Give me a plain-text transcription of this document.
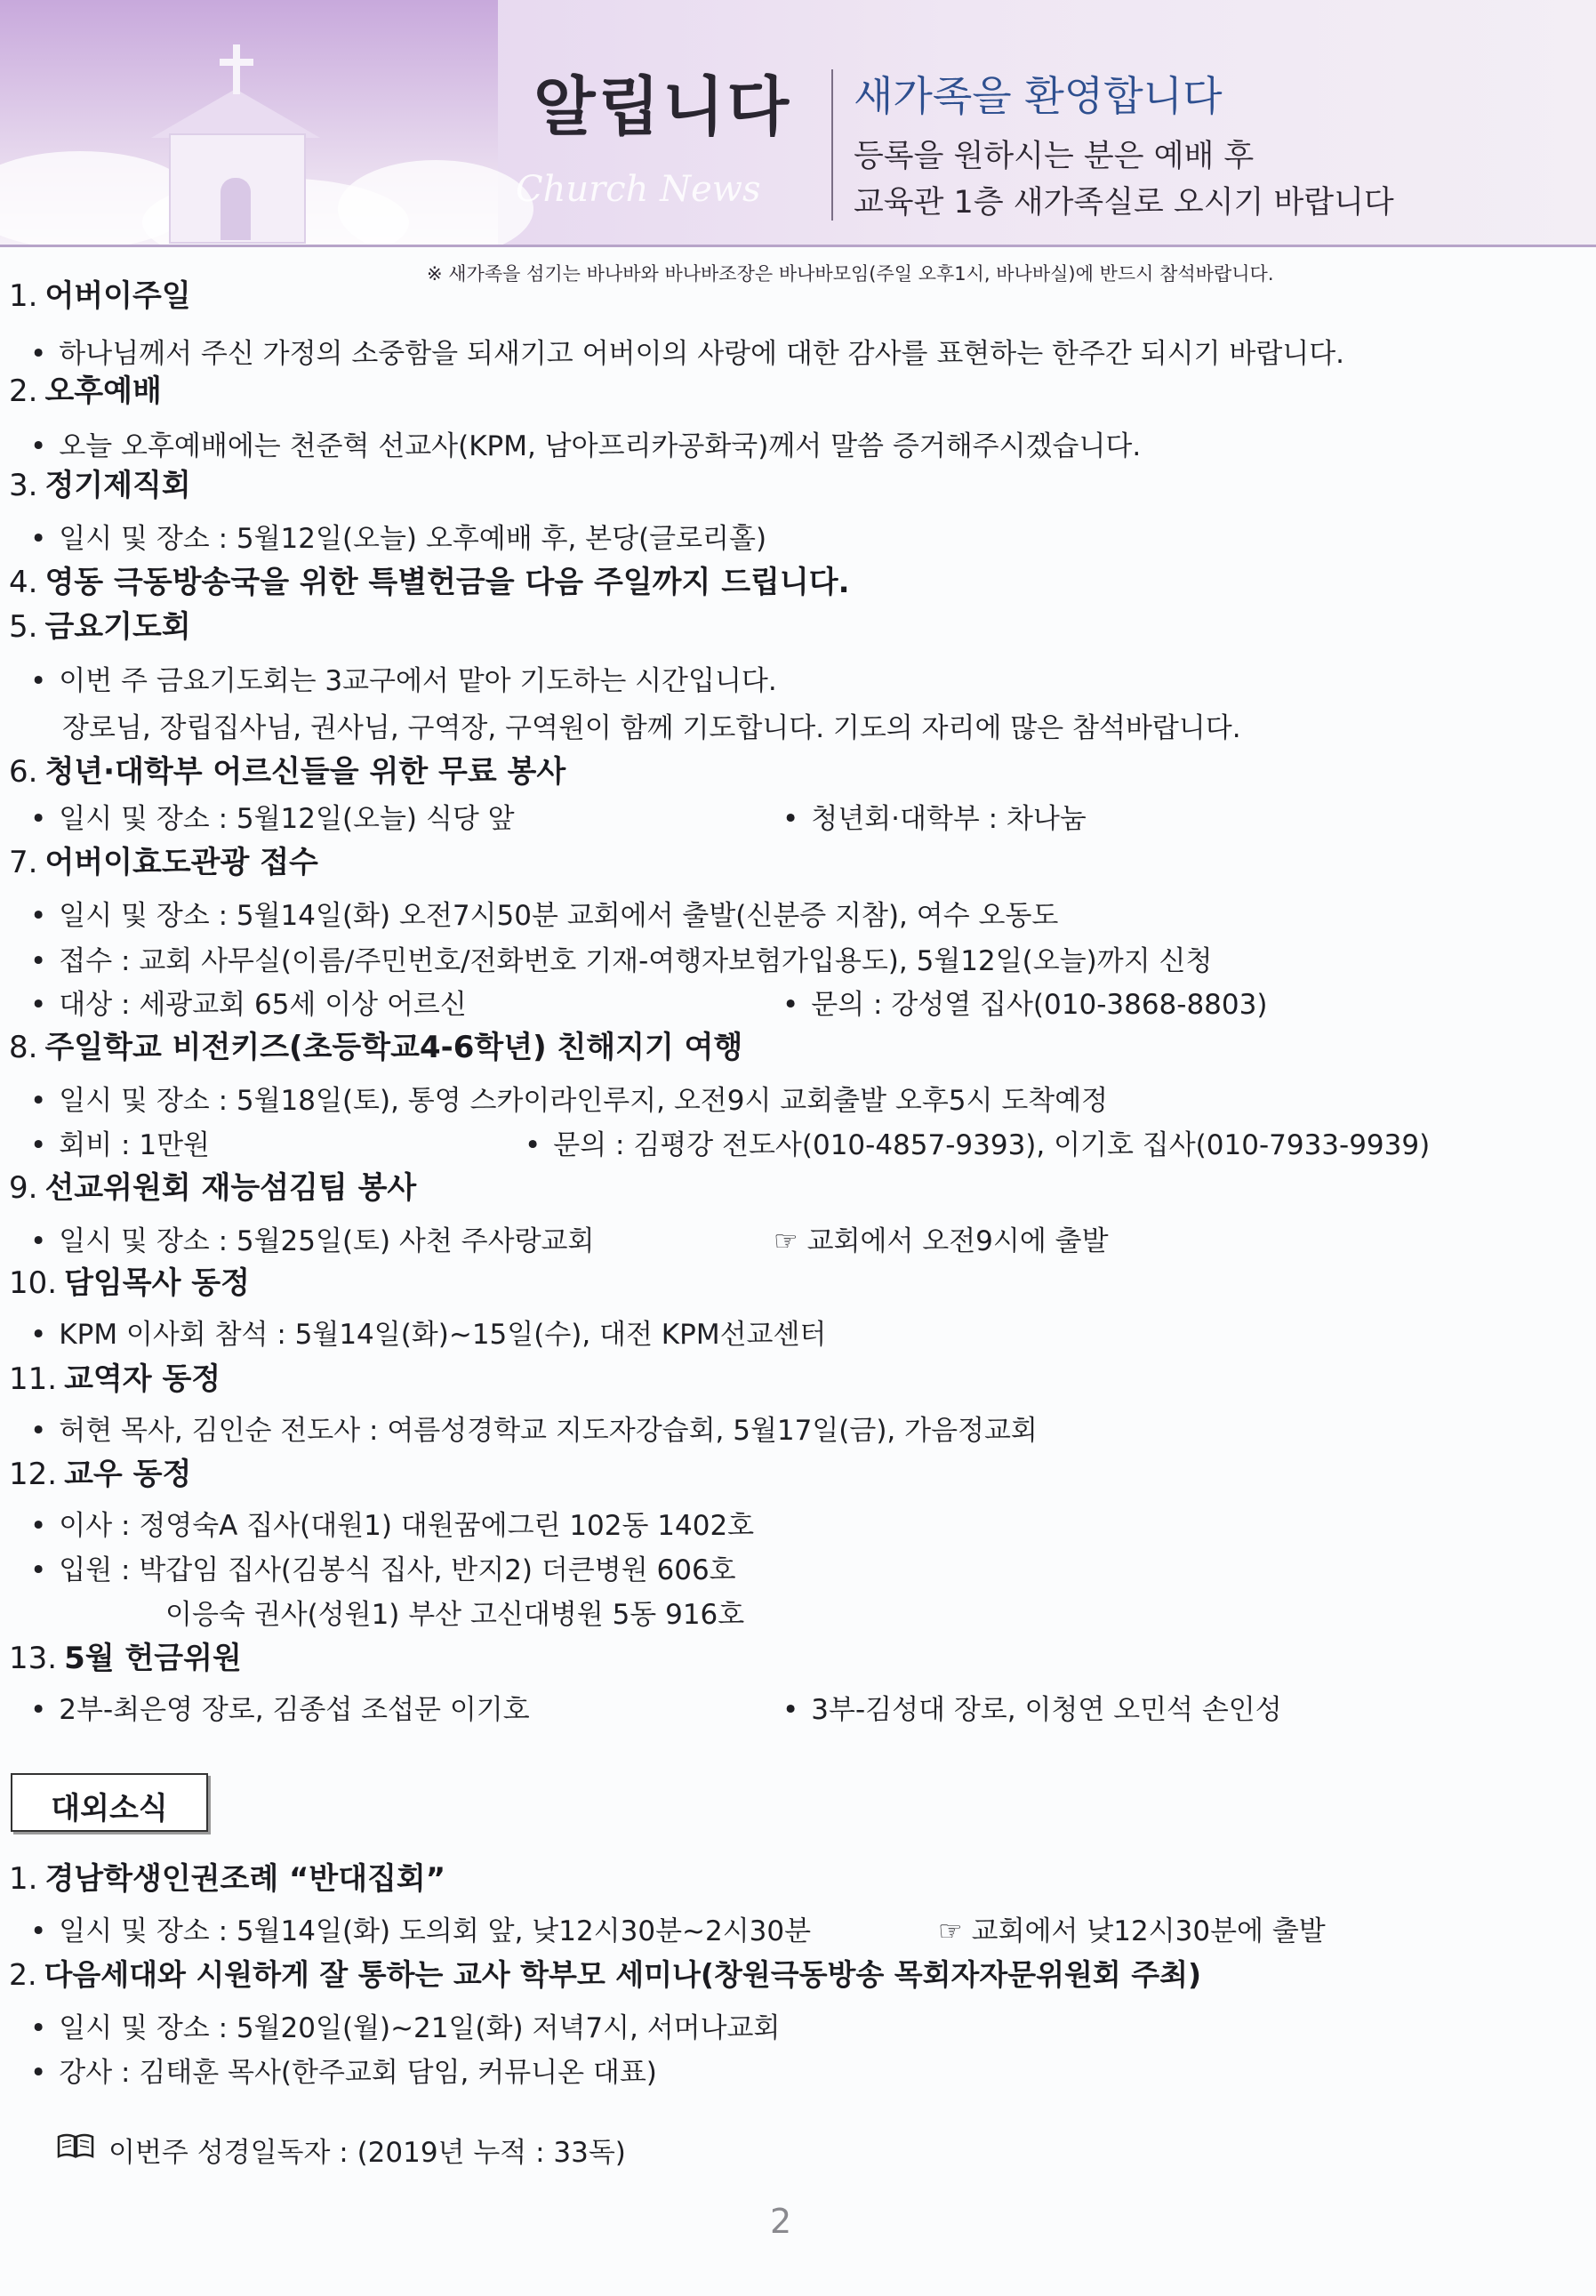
알립니다
Church News
새가족을 환영합니다
등록을 원하시는 분은 예배 후
교육관 1층 새가족실로 오시기 바랍니다
※ 새가족을 섬기는 바나바와 바나바조장은 바나바모임(주일 오후1시, 바나바실)에 반드시 참석바랍니다.
1. 어버이주일
• 하나님께서 주신 가정의 소중함을 되새기고 어버이의 사랑에 대한 감사를 표현하는 한주간 되시기 바랍니다.
2. 오후예배
• 오늘 오후예배에는 천준혁 선교사(KPM, 남아프리카공화국)께서 말씀 증거해주시겠습니다.
3. 정기제직회
• 일시 및 장소 : 5월12일(오늘) 오후예배 후, 본당(글로리홀)
4. 영동 극동방송국을 위한 특별헌금을 다음 주일까지 드립니다.
5. 금요기도회
• 이번 주 금요기도회는 3교구에서 맡아 기도하는 시간입니다.
장로님, 장립집사님, 권사님, 구역장, 구역원이 함께 기도합니다. 기도의 자리에 많은 참석바랍니다.
6. 청년·대학부 어르신들을 위한 무료 봉사
• 일시 및 장소 : 5월12일(오늘) 식당 앞	• 청년회·대학부 : 차나눔
7. 어버이효도관광 접수
• 일시 및 장소 : 5월14일(화) 오전7시50분 교회에서 출발(신분증 지참), 여수 오동도
• 접수 : 교회 사무실(이름/주민번호/전화번호 기재-여행자보험가입용도), 5월12일(오늘)까지 신청
• 대상 : 세광교회 65세 이상 어르신	• 문의 : 강성열 집사(010-3868-8803)
8. 주일학교 비전키즈(초등학교4-6학년) 친해지기 여행
• 일시 및 장소 : 5월18일(토), 통영 스카이라인루지, 오전9시 교회출발 오후5시 도착예정
• 회비 : 1만원	• 문의 : 김평강 전도사(010-4857-9393), 이기호 집사(010-7933-9939)
9. 선교위원회 재능섬김팀 봉사
• 일시 및 장소 : 5월25일(토) 사천 주사랑교회	☞ 교회에서 오전9시에 출발
10. 담임목사 동정
• KPM 이사회 참석 : 5월14일(화)~15일(수), 대전 KPM선교센터
11. 교역자 동정
• 허현 목사, 김인순 전도사 : 여름성경학교 지도자강습회, 5월17일(금), 가음정교회
12. 교우 동정
• 이사 : 정영숙A 집사(대원1) 대원꿈에그린 102동 1402호
• 입원 : 박갑임 집사(김봉식 집사, 반지2) 더큰병원 606호
이응숙 권사(성원1) 부산 고신대병원 5동 916호
13. 5월 헌금위원
• 2부-최은영 장로, 김종섭 조섭문 이기호	• 3부-김성대 장로, 이청연 오민석 손인성
대외소식
1. 경남학생인권조례 “반대집회”
• 일시 및 장소 : 5월14일(화) 도의회 앞, 낮12시30분~2시30분	☞ 교회에서 낮12시30분에 출발
2. 다음세대와 시원하게 잘 통하는 교사 학부모 세미나(창원극동방송 목회자자문위원회 주최)
• 일시 및 장소 : 5월20일(월)~21일(화) 저녁7시, 서머나교회
• 강사 : 김태훈 목사(한주교회 담임, 커뮤니온 대표)
이번주 성경일독자 : (2019년 누적 : 33독)
2
